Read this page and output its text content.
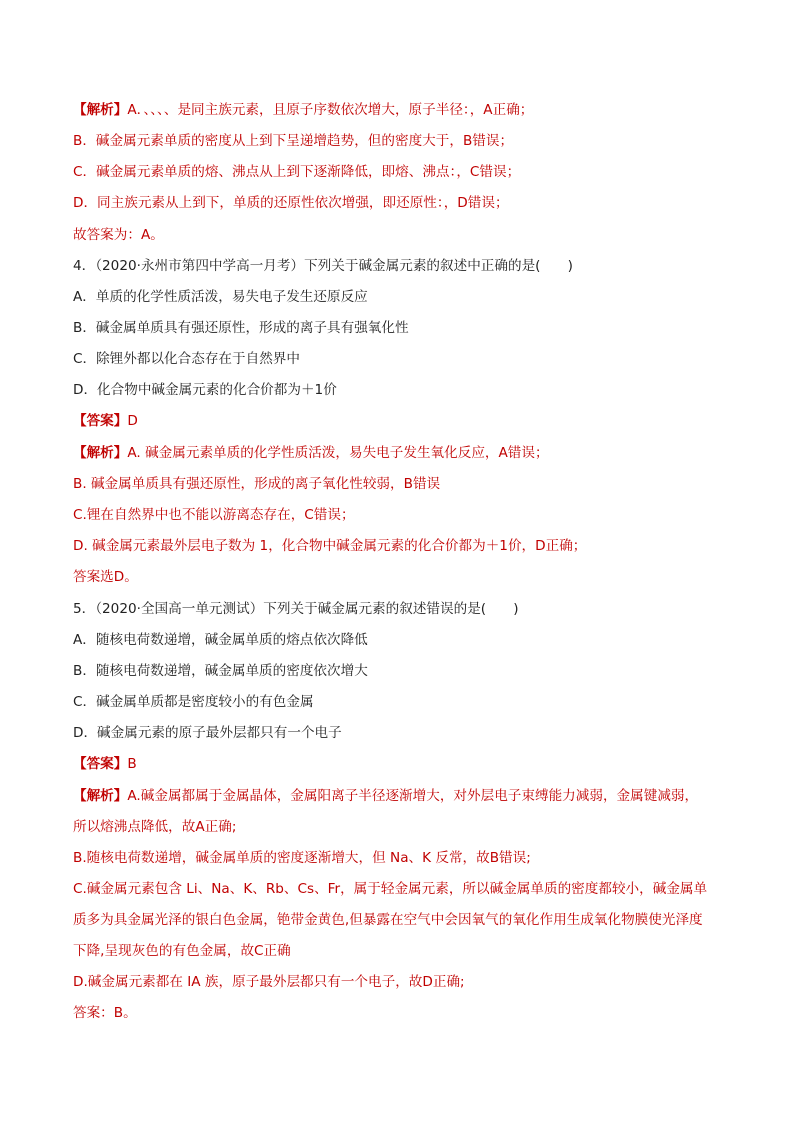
【解析】A．、、、、是同主族元素，且原子序数依次增大，原子半径：，A正确；
B．碱金属元素单质的密度从上到下呈递增趋势，但的密度大于，B错误；
C．碱金属元素单质的熔、沸点从上到下逐渐降低，即熔、沸点：，C错误；
D．同主族元素从上到下，单质的还原性依次增强，即还原性：，D错误；
故答案为：A。
4．（2020·永州市第四中学高一月考）下列关于碱金属元素的叙述中正确的是(　　)
A．单质的化学性质活泼，易失电子发生还原反应
B．碱金属单质具有强还原性，形成的离子具有强氧化性
C．除锂外都以化合态存在于自然界中
D．化合物中碱金属元素的化合价都为＋1价
【答案】D
【解析】A. 碱金属元素单质的化学性质活泼，易失电子发生氧化反应，A错误；
B. 碱金属单质具有强还原性，形成的离子氧化性较弱，B错误
C.锂在自然界中也不能以游离态存在，C错误；
D. 碱金属元素最外层电子数为 1，化合物中碱金属元素的化合价都为＋1价，D正确；
答案选D。
5．（2020·全国高一单元测试）下列关于碱金属元素的叙述错误的是(　　)
A．随核电荷数递增，碱金属单质的熔点依次降低
B．随核电荷数递增，碱金属单质的密度依次增大
C．碱金属单质都是密度较小的有色金属
D．碱金属元素的原子最外层都只有一个电子
【答案】B
【解析】A.碱金属都属于金属晶体，金属阳离子半径逐渐增大，对外层电子束缚能力减弱，金属键减弱，
所以熔沸点降低，故A正确;
B.随核电荷数递增，碱金属单质的密度逐渐增大，但 Na、K 反常，故B错误;
C.碱金属元素包含 Li、Na、K、Rb、Cs、Fr，属于轻金属元素，所以碱金属单质的密度都较小，碱金属单
质多为具金属光泽的银白色金属，铯带金黄色,但暴露在空气中会因氧气的氧化作用生成氧化物膜使光泽度
下降,呈现灰色的有色金属，故C正确
D.碱金属元素都在 IA 族，原子最外层都只有一个电子，故D正确;
答案：B。
